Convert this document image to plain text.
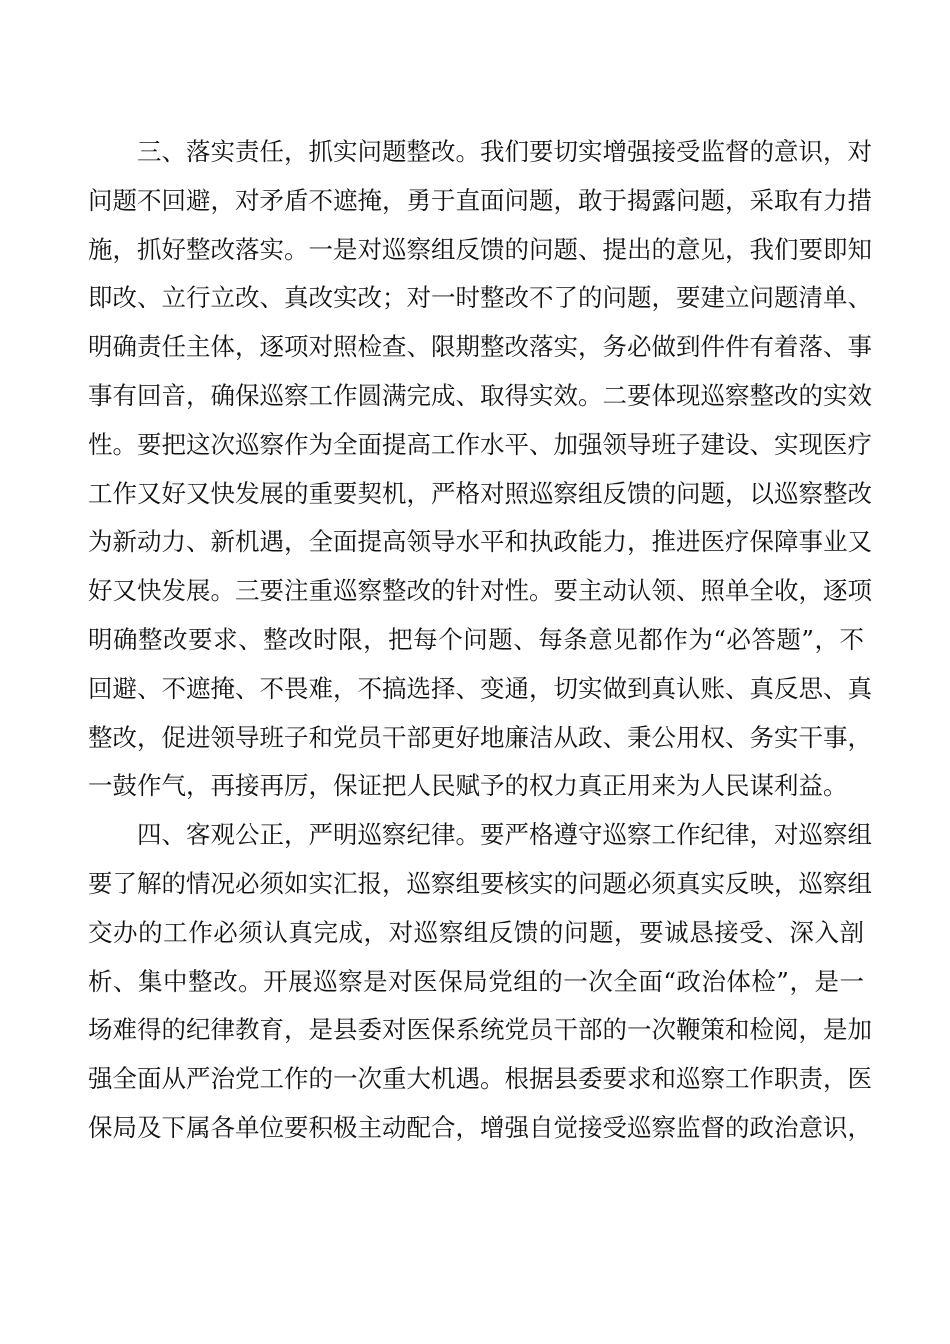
三、落实责任，抓实问题整改。我们要切实增强接受监督的意识，对
问题不回避，对矛盾不遮掩，勇于直面问题，敢于揭露问题，采取有力措
施，抓好整改落实。一是对巡察组反馈的问题、提出的意见，我们要即知
即改、立行立改、真改实改；对一时整改不了的问题，要建立问题清单、
明确责任主体，逐项对照检查、限期整改落实，务必做到件件有着落、事
事有回音，确保巡察工作圆满完成、取得实效。二要体现巡察整改的实效
性。要把这次巡察作为全面提高工作水平、加强领导班子建设、实现医疗
工作又好又快发展的重要契机，严格对照巡察组反馈的问题，以巡察整改
为新动力、新机遇，全面提高领导水平和执政能力，推进医疗保障事业又
好又快发展。三要注重巡察整改的针对性。要主动认领、照单全收，逐项
明确整改要求、整改时限，把每个问题、每条意见都作为“必答题”，不
回避、不遮掩、不畏难，不搞选择、变通，切实做到真认账、真反思、真
整改，促进领导班子和党员干部更好地廉洁从政、秉公用权、务实干事，
一鼓作气，再接再厉，保证把人民赋予的权力真正用来为人民谋利益。

四、客观公正，严明巡察纪律。要严格遵守巡察工作纪律，对巡察组
要了解的情况必须如实汇报，巡察组要核实的问题必须真实反映，巡察组
交办的工作必须认真完成，对巡察组反馈的问题，要诚恳接受、深入剖
析、集中整改。开展巡察是对医保局党组的一次全面“政治体检”，是一
场难得的纪律教育，是县委对医保系统党员干部的一次鞭策和检阅，是加
强全面从严治党工作的一次重大机遇。根据县委要求和巡察工作职责，医
保局及下属各单位要积极主动配合，增强自觉接受巡察监督的政治意识，
